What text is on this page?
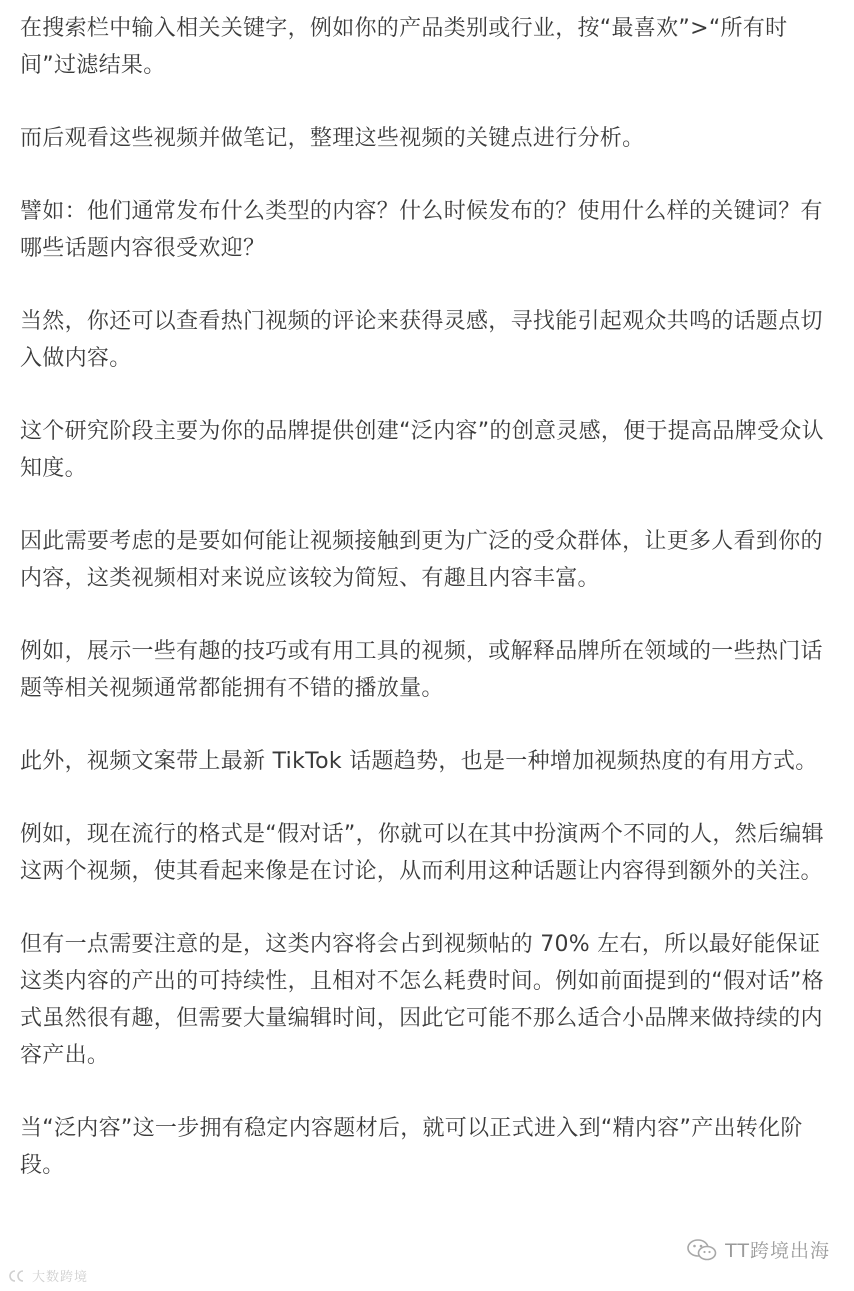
在搜索栏中输入相关关键字，例如你的产品类别或行业，按“最喜欢”>“所有时间”过滤结果。

而后观看这些视频并做笔记，整理这些视频的关键点进行分析。

譬如：他们通常发布什么类型的内容？什么时候发布的？使用什么样的关键词？有哪些话题内容很受欢迎？

当然，你还可以查看热门视频的评论来获得灵感，寻找能引起观众共鸣的话题点切入做内容。

这个研究阶段主要为你的品牌提供创建“泛内容”的创意灵感，便于提高品牌受众认知度。

因此需要考虑的是要如何能让视频接触到更为广泛的受众群体，让更多人看到你的内容，这类视频相对来说应该较为简短、有趣且内容丰富。

例如，展示一些有趣的技巧或有用工具的视频，或解释品牌所在领域的一些热门话题等相关视频通常都能拥有不错的播放量。

此外，视频文案带上最新 TikTok 话题趋势，也是一种增加视频热度的有用方式。

例如，现在流行的格式是“假对话”，你就可以在其中扮演两个不同的人，然后编辑这两个视频，使其看起来像是在讨论，从而利用这种话题让内容得到额外的关注。

但有一点需要注意的是，这类内容将会占到视频帖的 70% 左右，所以最好能保证这类内容的产出的可持续性，且相对不怎么耗费时间。例如前面提到的“假对话”格式虽然很有趣，但需要大量编辑时间，因此它可能不那么适合小品牌来做持续的内容产出。

当“泛内容”这一步拥有稳定内容题材后，就可以正式进入到“精内容”产出转化阶段。

TT跨境出海
大数跨境
